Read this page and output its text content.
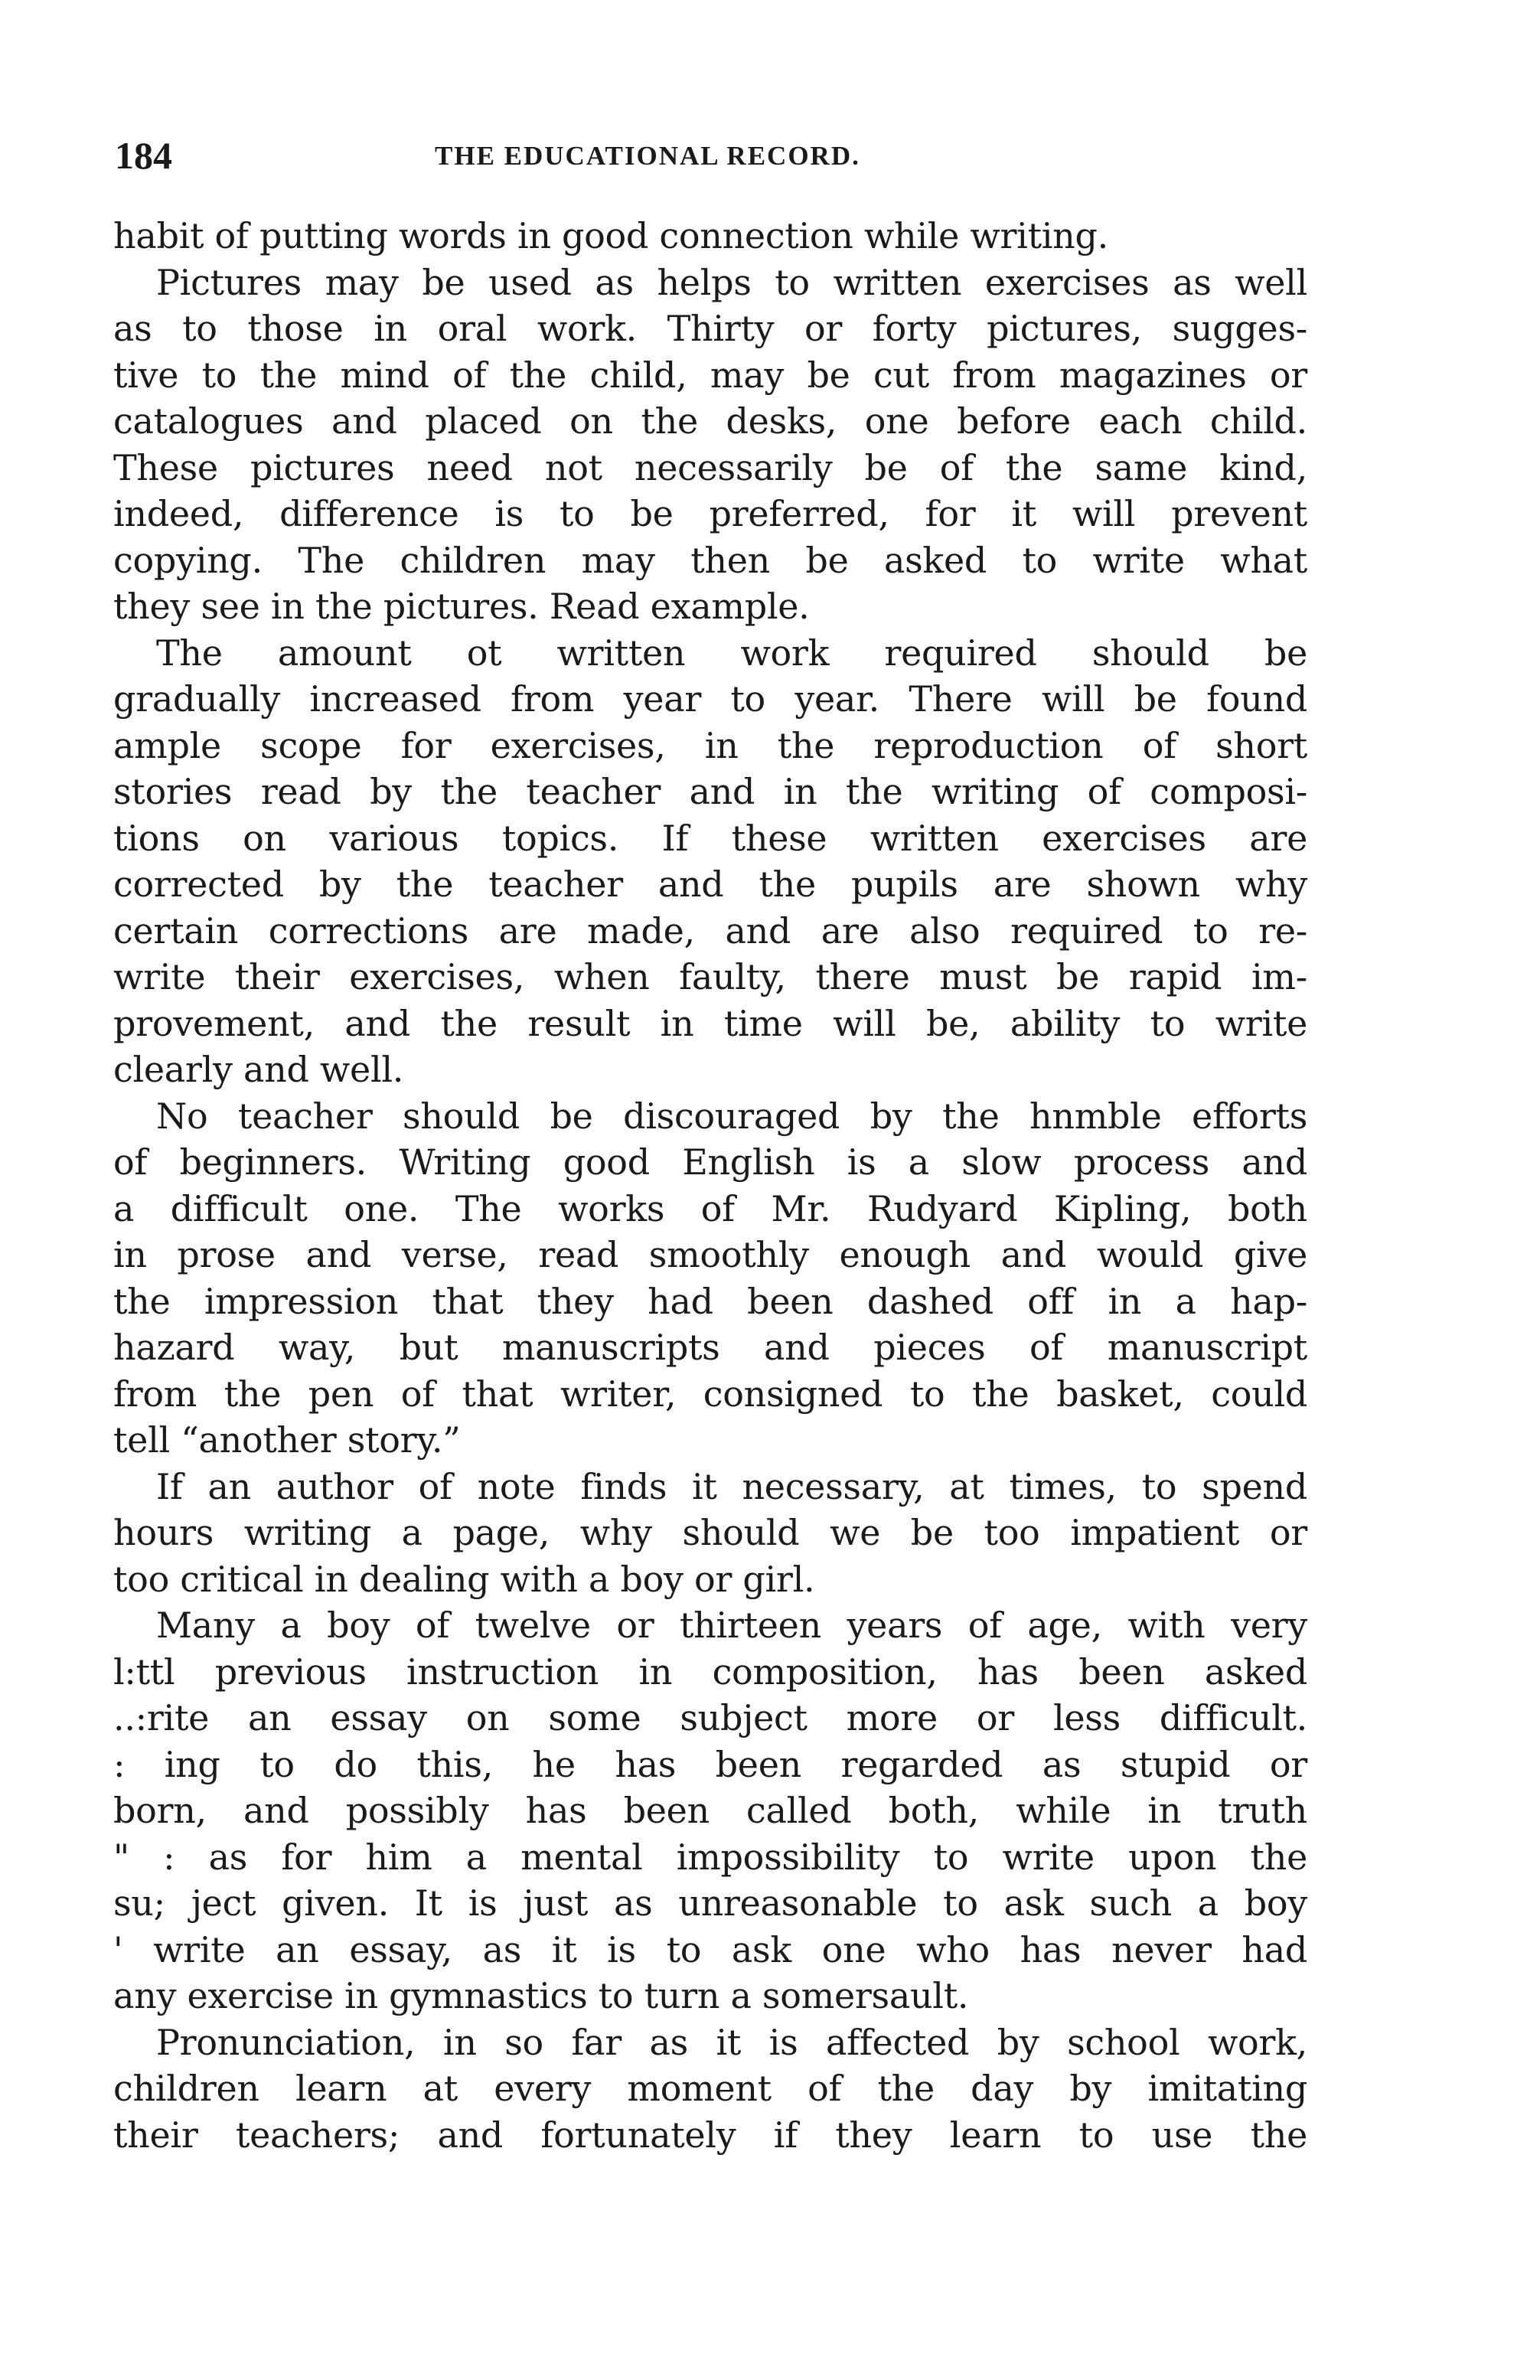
184	THE EDUCATIONAL RECORD.
habit of putting words in good connection while writing.
Pictures may be used as helps to written exercises as well
as to those in oral work. Thirty or forty pictures, sugges-
tive to the mind of the child, may be cut from magazines or
catalogues and placed on the desks, one before each child.
These pictures need not necessarily be of the same kind,
indeed, difference is to be preferred, for it will prevent
copying. The children may then be asked to write what
they see in the pictures. Read example.
The amount ot written work required should be
gradually increased from year to year. There will be found
ample scope for exercises, in the reproduction of short
stories read by the teacher and in the writing of composi-
tions on various topics. If these written exercises are
corrected by the teacher and the pupils are shown why
certain corrections are made, and are also required to re-
write their exercises, when faulty, there must be rapid im-
provement, and the result in time will be, ability to write
clearly and well.
No teacher should be discouraged by the hnmble efforts
of beginners. Writing good English is a slow process and
a difficult one. The works of Mr. Rudyard Kipling, both
in prose and verse, read smoothly enough and would give
the impression that they had been dashed off in a hap-
hazard way, but manuscripts and pieces of manuscript
from the pen of that writer, consigned to the basket, could
tell “another story.”
If an author of note finds it necessary, at times, to spend
hours writing a page, why should we be too impatient or
too critical in dealing with a boy or girl.
Many a boy of twelve or thirteen years of age, with very
l:ttl previous instruction in composition, has been asked
..:rite an essay on some subject more or less difficult.
: ing to do this, he has been regarded as stupid or
born, and possibly has been called both, while in truth
" : as for him a mental impossibility to write upon the
su; ject given. It is just as unreasonable to ask such a boy
' write an essay, as it is to ask one who has never had
any exercise in gymnastics to turn a somersault.
Pronunciation, in so far as it is affected by school work,
children learn at every moment of the day by imitating
their teachers; and fortunately if they learn to use the
